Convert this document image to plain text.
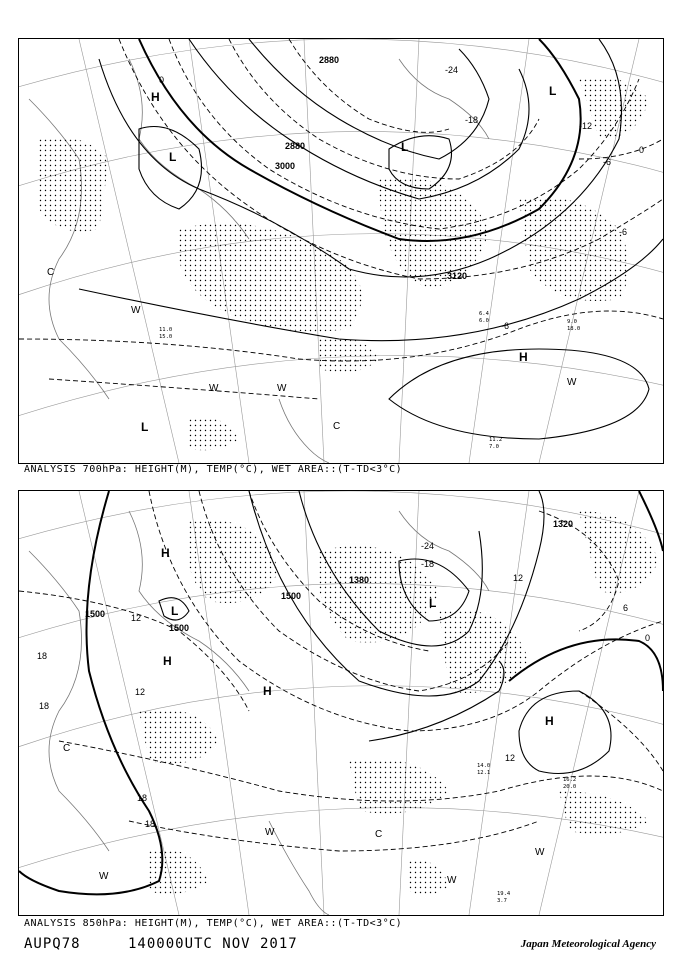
11.2
7.0
9.0
18.0
6.4
6.0
11.0
15.0
H
L
L
L
H
L
2880
2880
3000
3120
0
-6
-12
-18
-24
0
-6
-6
C
W
W	W
C
W
ANALYSIS 700hPa: HEIGHT(M), TEMP(°C), WET AREA::(T-TD<3°C)
19.4
3.7
14.0
12.1
16.2
20.0
H
L
H
L
H
H
1500
1500
1500
1380
1320
18
18
12
12
18
18
-18
-24
12
6
0
12
C
W
W
W
W
C
ANALYSIS 850hPa: HEIGHT(M), TEMP(°C), WET AREA::(T-TD<3°C)
AUPQ78	140000UTC NOV 2017	Japan Meteorological Agency
